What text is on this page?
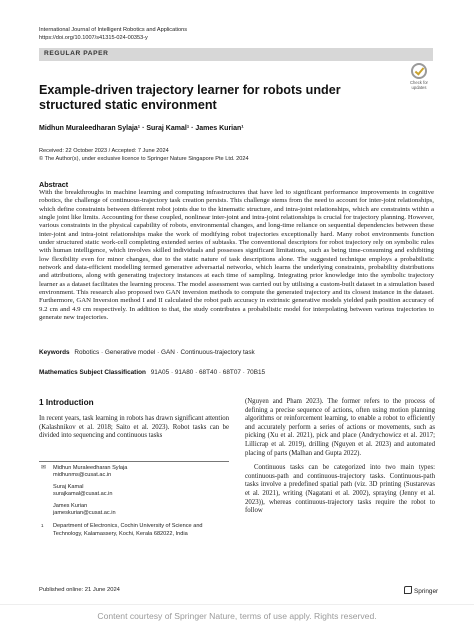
International Journal of Intelligent Robotics and Applications
https://doi.org/10.1007/s41315-024-00353-y
REGULAR PAPER
Check for updates
Example-driven trajectory learner for robots under structured static environment
Midhun Muraleedharan Sylaja¹ · Suraj Kamal¹ · James Kurian¹
Received: 22 October 2023 / Accepted: 7 June 2024
© The Author(s), under exclusive licence to Springer Nature Singapore Pte Ltd. 2024
Abstract
With the breakthroughs in machine learning and computing infrastructures that have led to significant performance improvements in cognitive robotics, the challenge of continuous-trajectory task creation persists. This challenge stems from the need to account for inter-joint relationships, which define constraints between different robot joints due to the kinematic structure, and intra-joint relationships, which are constraints within a single joint like limits. Accounting for these coupled, nonlinear inter-joint and intra-joint relationships is crucial for trajectory planning. However, various constraints in the physical capability of robots, environmental changes, and long-time reliance on sequential dependencies between these inter-joint and intra-joint relationships make the work of modifying robot trajectories exceptionally hard. Many robot environments function under structured static work-cell completing extended series of subtasks. The conventional descriptors for robot trajectory rely on symbolic rules with human intelligence, which involves skilled individuals and possesses significant limitations, such as being time-consuming and exhibiting low flexibility even for minor changes, due to the static nature of task descriptions alone. The suggested technique employs a probabilistic network and data-efficient modelling termed generative adversarial networks, which learns the underlying constraints, probability distributions and attributions, along with generating trajectory instances at each time of sampling. Integrating prior knowledge into the symbolic trajectory learner as a dataset facilitates the learning process. The model assessment was carried out by utilising a custom-built dataset in a simulation based environment. This research also proposed two GAN inversion methods to compute the generated trajectory and its closest instance in the dataset. Furthermore, GAN Inversion method I and II calculated the robot path accuracy in extrinsic generative models yielded path position accuracy of 9.2 cm and 4.9 cm respectively. In addition to that, the study contributes a probabilistic model for interpolating between various trajectories to generate new trajectories.
Keywords Robotics · Generative model · GAN · Continuous-trajectory task
Mathematics Subject Classification 91A05 · 91A80 · 68T40 · 68T07 · 70B15
1 Introduction
In recent years, task learning in robots has drawn significant attention (Kalashnikov et al. 2018; Saito et al. 2023). Robot tasks can be divided into sequencing and continuous tasks
✉ Midhun Muraleedharan Sylaja
midhunms@cusat.ac.in
Suraj Kamal
surajkamal@cusat.ac.in
James Kurian
jameskurian@cusat.ac.in
1 Department of Electronics, Cochin University of Science and Technology, Kalamassery, Kochi, Kerala 682022, India

(Nguyen and Pham 2023). The former refers to the process of defining a precise sequence of actions, often using motion planning algorithms or reinforcement learning, to enable a robot to efficiently and accurately perform a series of actions or movements, such as picking (Xu et al. 2021), pick and place (Andrychowicz et al. 2017; Lillicrap et al. 2019), drilling (Nguyen et al. 2023) and automated placing of parts (Malhan and Gupta 2022).

Continuous tasks can be categorized into two main types: continuous-path and continuous-trajectory tasks. Continuous-path tasks involve a predefined spatial path (viz. 3D printing (Sustarevas et al. 2021), writing (Nagatani et al. 2002), spraying (Jenny et al. 2023)), whereas continuous-trajectory tasks require the robot to follow

Published online: 21 June 2024	Springer
Content courtesy of Springer Nature, terms of use apply. Rights reserved.
